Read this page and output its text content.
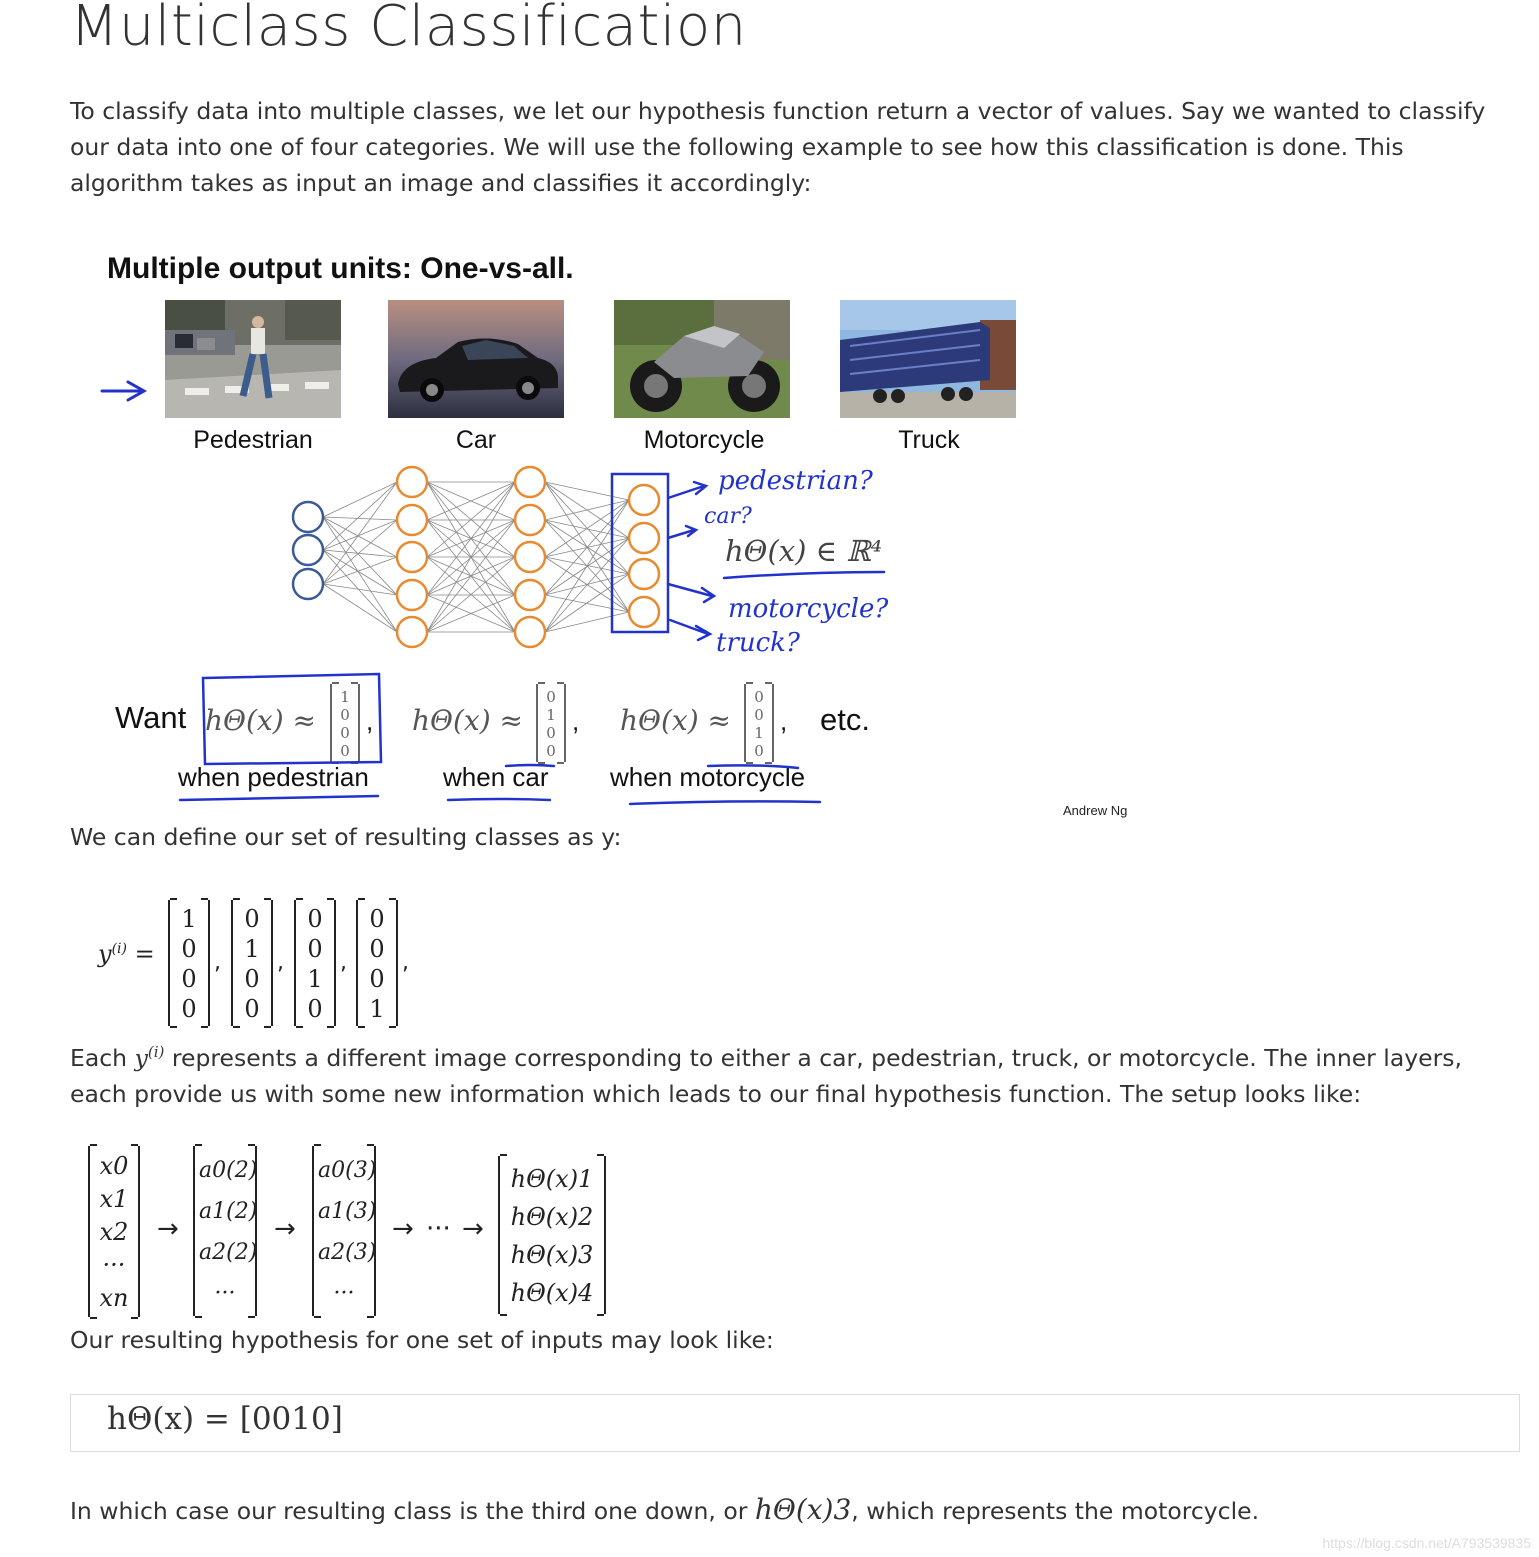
Multiclass Classification

To classify data into multiple classes, we let our hypothesis function return a vector of values. Say we wanted to classify our data into one of four categories. We will use the following example to see how this classification is done. This algorithm takes as input an image and classifies it accordingly:

Multiple output units: One-vs-all.
Pedestrian	Car	Motorcycle	Truck
pedestrian?
car?
hΘ(x) ∈ ℝ⁴
motorcycle?
truck?
Want hΘ(x) ≈
1
0
0
0
, hΘ(x) ≈
0
1
0
0
, hΘ(x) ≈
0
0
1
0
, etc.
when pedestrian	when car when motorcycle
Andrew Ng

We can define our set of resulting classes as y:

$y^{(i)}$ =
1
0
0
0
,
0
1
0
0
,
0
0
1
0
,
0
0
0
1
,

Each $y^{(i)}$ represents a different image corresponding to either a car, pedestrian, truck, or motorcycle. The inner layers, each provide us with some new information which leads to our final hypothesis function. The setup looks like:

x0
x1
x2
···
xn
a0(2)
a1(2)
a2(2)
···
a0(3)
a1(3)
a2(3)
···
hΘ(x)1
hΘ(x)2
hΘ(x)3
hΘ(x)4
→	→	→ ··· →

Our resulting hypothesis for one set of inputs may look like:

hΘ(x) = [0010]

In which case our resulting class is the third one down, or hΘ(x)3, which represents the motorcycle.

https://blog.csdn.net/A793539835
